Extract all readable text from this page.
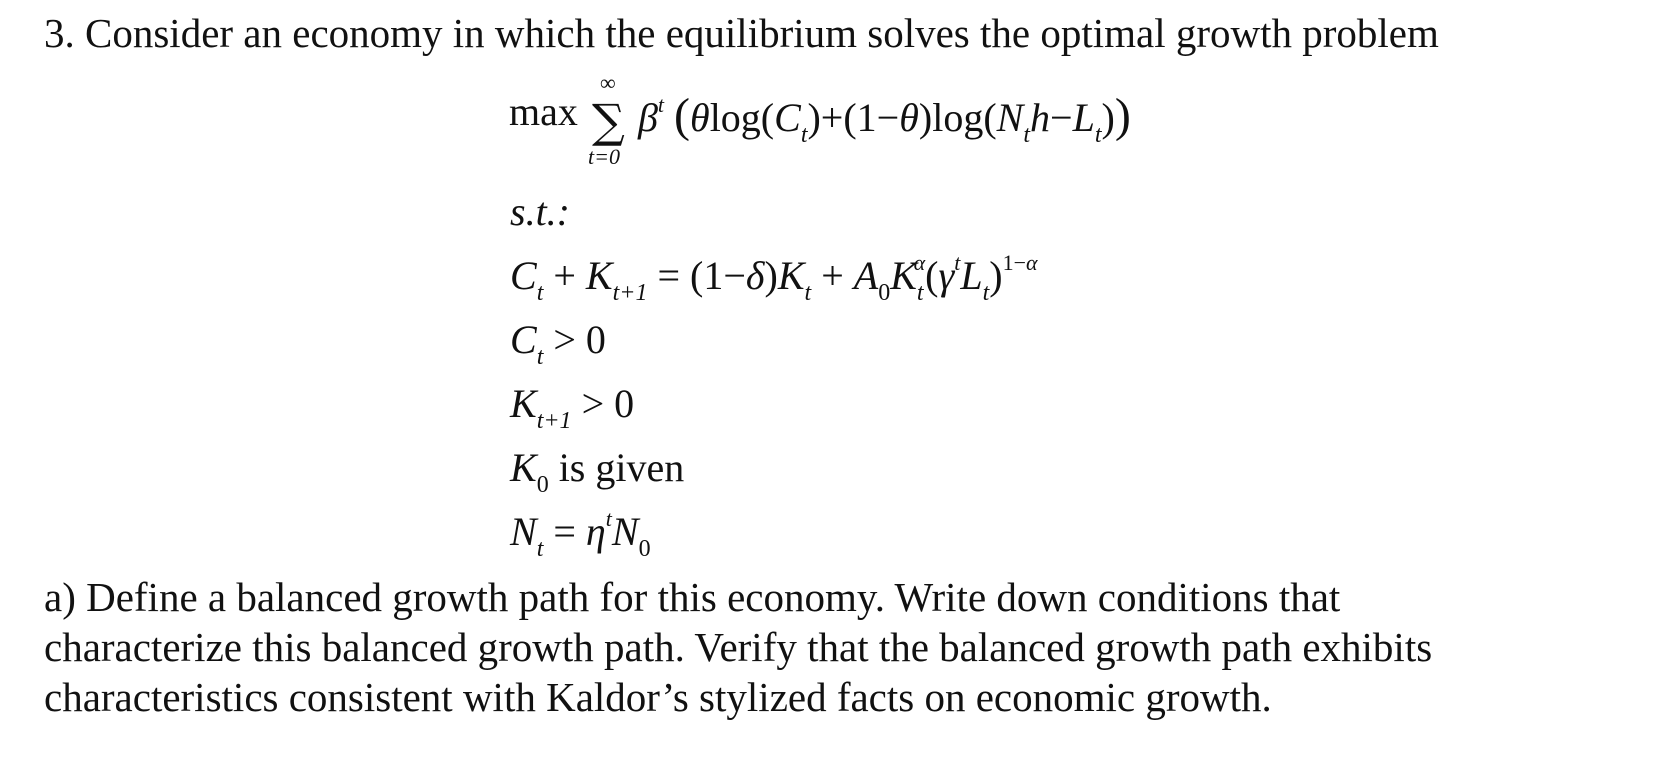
3. Consider an economy in which the equilibrium solves the optimal growth problem
max
∞
∑
t=0
$\beta^t$ $(\theta\log(C_t)+(1-\theta)\log(N_th-L_t))$
s.t.:
$C_t + K_{t+1} = (1-\delta)K_t + A_0K_t^\alpha(\gamma^tL_t)^{1-\alpha}$
$C_t > 0$
$K_{t+1} > 0$
$K_0$ is given
$N_t = \eta^tN_0$
a) Define a balanced growth path for this economy. Write down conditions that
characterize this balanced growth path. Verify that the balanced growth path exhibits
characteristics consistent with Kaldor’s stylized facts on economic growth.
